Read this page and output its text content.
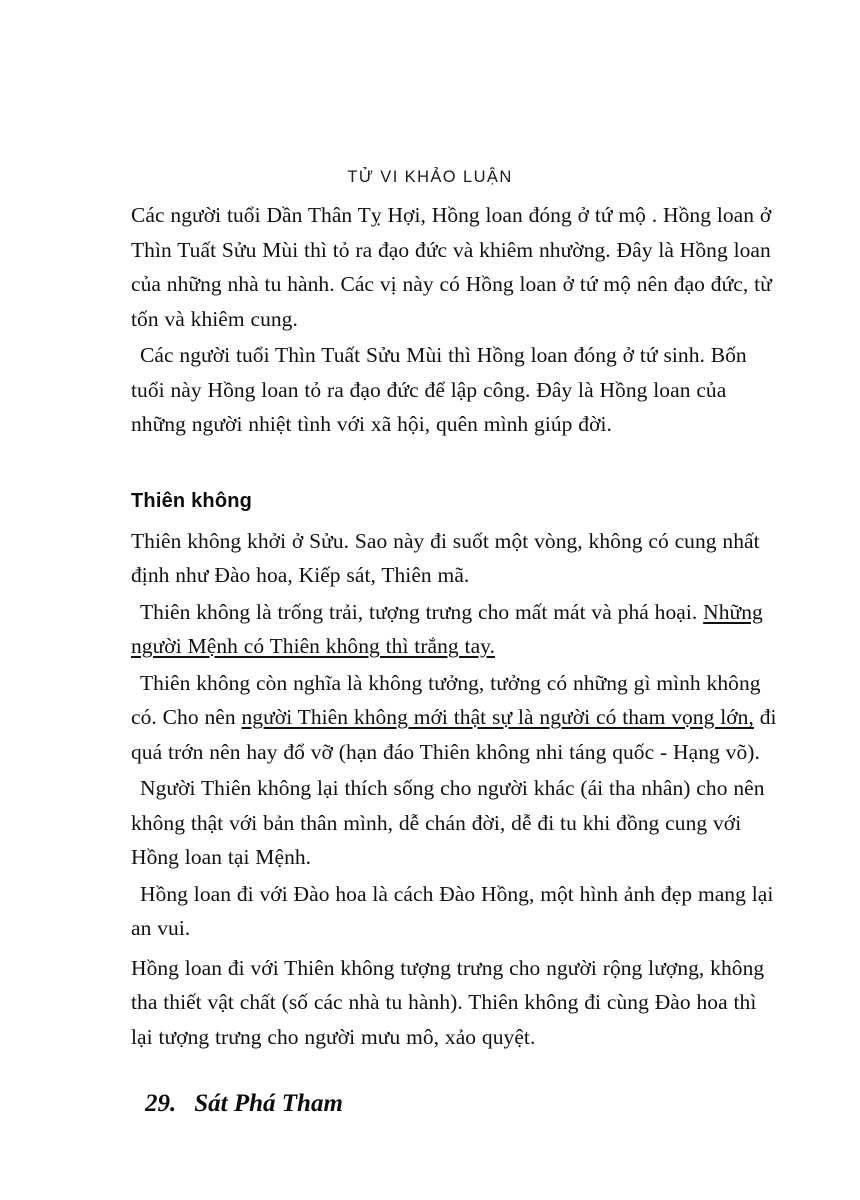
TỬ VI KHẢO LUẬN

Các người tuổi Dần Thân Tỵ Hợi, Hồng loan đóng ở tứ mộ . Hồng loan ở Thìn Tuất Sửu Mùi thì tỏ ra đạo đức và khiêm nhường. Đây là Hồng loan của những nhà tu hành. Các vị này có Hồng loan ở tứ mộ nên đạo đức, từ tốn và khiêm cung.

Các người tuổi Thìn Tuất Sửu Mùi thì Hồng loan đóng ở tứ sinh. Bốn tuổi này Hồng loan tỏ ra đạo đức để lập công. Đây là Hồng loan của những người nhiệt tình với xã hội, quên mình giúp đời.

Thiên không

Thiên không khởi ở Sửu. Sao này đi suốt một vòng, không có cung nhất định như Đào hoa, Kiếp sát, Thiên mã.

Thiên không là trống trải, tượng trưng cho mất mát và phá hoại. Những người Mệnh có Thiên không thì trắng tay.

Thiên không còn nghĩa là không tưởng, tưởng có những gì mình không có. Cho nên người Thiên không mới thật sự là người có tham vọng lớn, đi quá trớn nên hay đổ vỡ (hạn đáo Thiên không nhi táng quốc - Hạng võ).

Người Thiên không lại thích sống cho người khác (ái tha nhân) cho nên không thật với bản thân mình, dễ chán đời, dễ đi tu khi đồng cung với Hồng loan tại Mệnh.

Hồng loan đi với Đào hoa là cách Đào Hồng, một hình ảnh đẹp mang lại an vui.

Hồng loan đi với Thiên không tượng trưng cho người rộng lượng, không tha thiết vật chất (số các nhà tu hành). Thiên không đi cùng Đào hoa thì lại tượng trưng cho người mưu mô, xảo quyệt.

29. Sát Phá Tham
